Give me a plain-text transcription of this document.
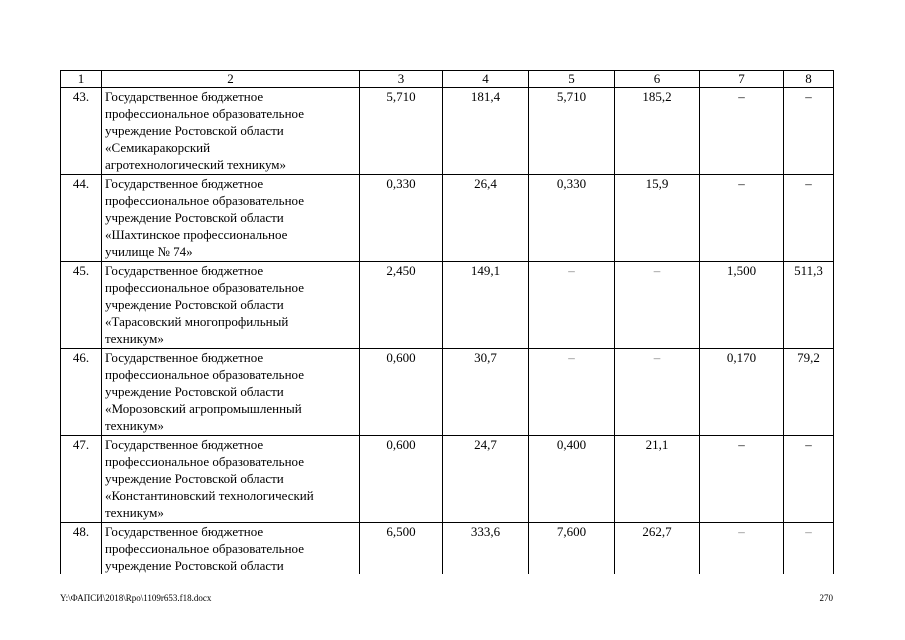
1	2	3	4	5	6	7	8
43.	Государственное бюджетное
профессиональное образовательное
учреждение Ростовской области
«Семикаракорский
агротехнологический техникум»	5,710	181,4	5,710	185,2	–	–
44.	Государственное бюджетное
профессиональное образовательное
учреждение Ростовской области
«Шахтинское профессиональное
училище № 74»	0,330	26,4	0,330	15,9	–	–
45.	Государственное бюджетное
профессиональное образовательное
учреждение Ростовской области
«Тарасовский многопрофильный
техникум»	2,450	149,1	–	–	1,500	511,3
46.	Государственное бюджетное
профессиональное образовательное
учреждение Ростовской области
«Морозовский агропромышленный
техникум»	0,600	30,7	–	–	0,170	79,2
47.	Государственное бюджетное
профессиональное образовательное
учреждение Ростовской области
«Константиновский технологический
техникум»	0,600	24,7	0,400	21,1	–	–
48.	Государственное бюджетное
профессиональное образовательное
учреждение Ростовской области	6,500	333,6	7,600	262,7	–	–
Y:\ФАПСИ\2018\Rpo\1109r653.f18.docx	270
